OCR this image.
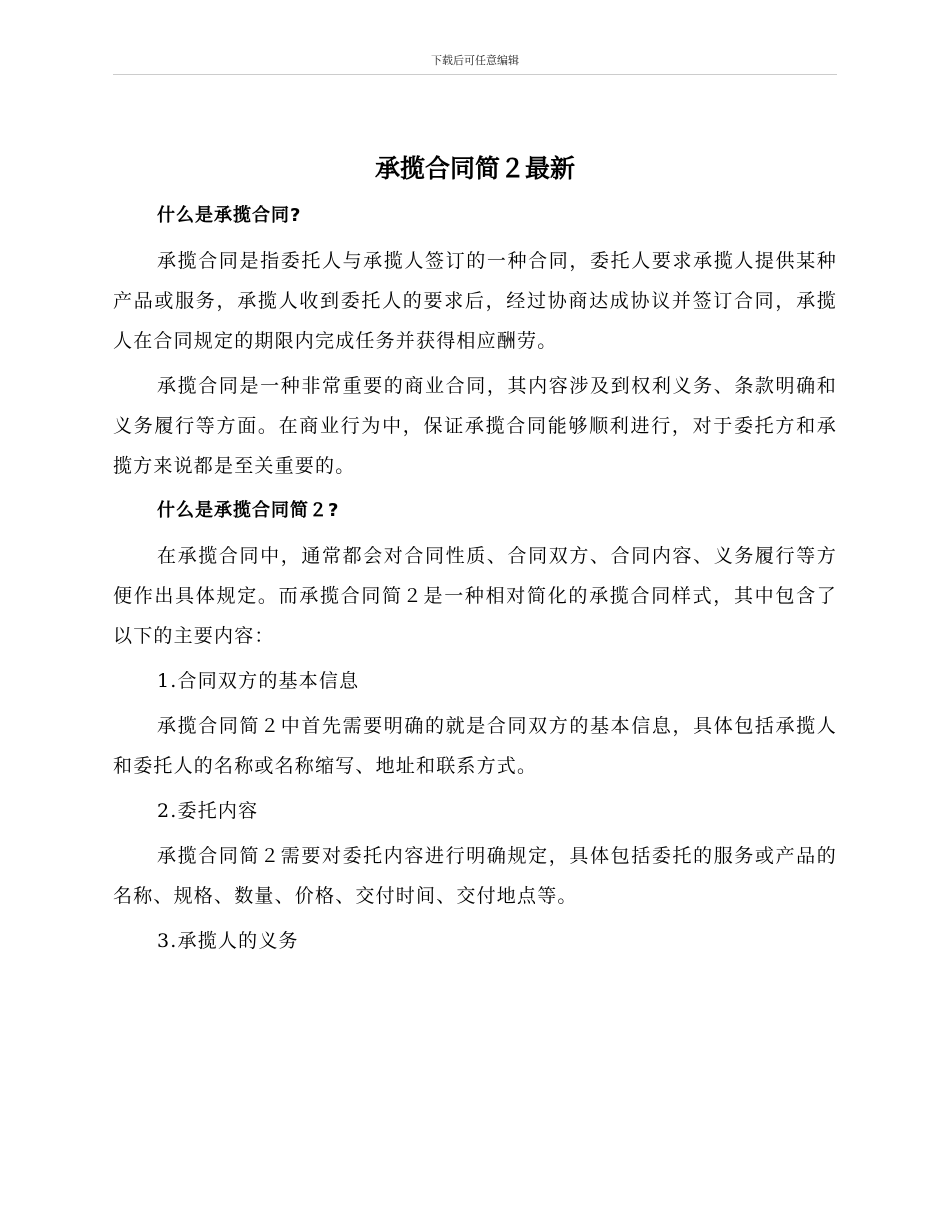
下载后可任意编辑
承揽合同简２最新

什么是承揽合同?

承揽合同是指委托人与承揽人签订的一种合同，委托人要求承揽人提供某种产品或服务，承揽人收到委托人的要求后，经过协商达成协议并签订合同，承揽人在合同规定的期限内完成任务并获得相应酬劳。

承揽合同是一种非常重要的商业合同，其内容涉及到权利义务、条款明确和义务履行等方面。在商业行为中，保证承揽合同能够顺利进行，对于委托方和承揽方来说都是至关重要的。

什么是承揽合同简２?

在承揽合同中，通常都会对合同性质、合同双方、合同内容、义务履行等方便作出具体规定。而承揽合同简２是一种相对简化的承揽合同样式，其中包含了以下的主要内容：

1.合同双方的基本信息

承揽合同简２中首先需要明确的就是合同双方的基本信息，具体包括承揽人和委托人的名称或名称缩写、地址和联系方式。

2.委托内容

承揽合同简２需要对委托内容进行明确规定，具体包括委托的服务或产品的名称、规格、数量、价格、交付时间、交付地点等。

3.承揽人的义务
